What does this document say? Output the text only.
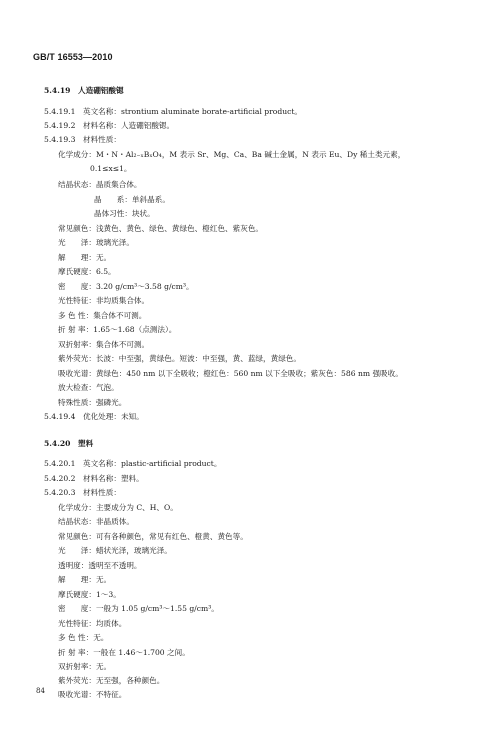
GB/T 16553—2010
5.4.19　人造硼铝酸锶
5.4.19.1　英文名称：strontium aluminate borate-artificial product。
5.4.19.2　材料名称：人造硼铝酸锶。
5.4.19.3　材料性质：
化学成分：M・N・Al₂₋ₓBₓO₄，M 表示 Sr、Mg、Ca、Ba 碱土金属，N 表示 Eu、Dy 稀土类元素，
0.1≤x≤1。
结晶状态：晶质集合体。
晶　　系：单斜晶系。
晶体习性：块状。
常见颜色：浅黄色、黄色、绿色、黄绿色、橙红色、紫灰色。
光　　泽：玻璃光泽。
解　　理：无。
摩氏硬度：6.5。
密　　度：3.20 g/cm³～3.58 g/cm³。
光性特征：非均质集合体。
多 色 性：集合体不可测。
折 射 率：1.65～1.68（点测法）。
双折射率：集合体不可测。
紫外荧光：长波：中至强，黄绿色。短波：中至强，黄、蓝绿，黄绿色。
吸收光谱：黄绿色：450 nm 以下全吸收；橙红色：560 nm 以下全吸收；紫灰色：586 nm 强吸收。
放大检查：气泡。
特殊性质：强磷光。
5.4.19.4　优化处理：未知。
5.4.20　塑料
5.4.20.1　英文名称：plastic-artificial product。
5.4.20.2　材料名称：塑料。
5.4.20.3　材料性质：
化学成分：主要成分为 C、H、O。
结晶状态：非晶质体。
常见颜色：可有各种颜色，常见有红色、橙黄、黄色等。
光　　泽：蜡状光泽，玻璃光泽。
透明度：透明至不透明。
解　　理：无。
摩氏硬度：1～3。
密　　度：一般为 1.05 g/cm³～1.55 g/cm³。
光性特征：均质体。
多 色 性：无。
折 射 率：一般在 1.46～1.700 之间。
双折射率：无。
紫外荧光：无至强，各种颜色。
吸收光谱：不特征。
84
